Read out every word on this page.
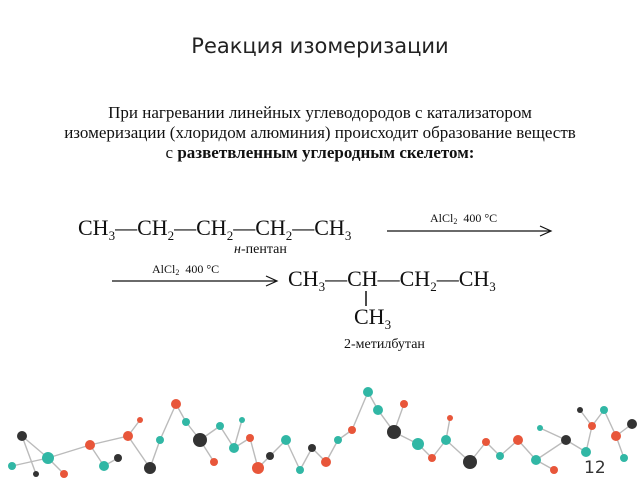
Реакция изомеризации
При нагревании линейных углеводородов с катализатором изомеризации (хлоридом алюминия) происходит образование веществ с разветвленным углеродным скелетом:
$CH_3—CH_2—CH_2—CH_2—CH_3$
н-пентан
AlCl$_2$ 400 °C
AlCl$_2$ 400 °C	$CH_3—CH—CH_2—CH_3$
$CH_3$
2-метилбутан
12
